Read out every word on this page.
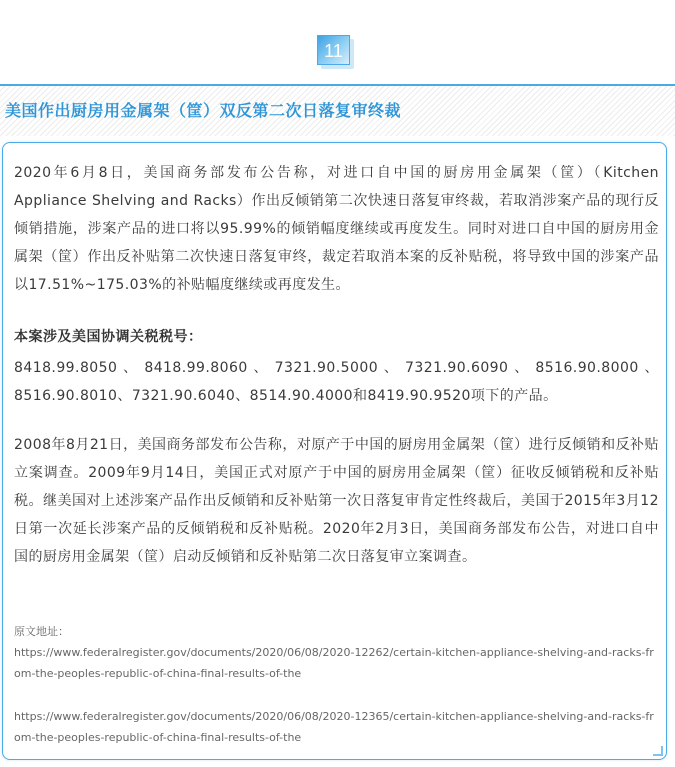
11
美国作出厨房用金属架（筐）双反第二次日落复审终裁

2020年6月8日，美国商务部发布公告称，对进口自中国的厨房用金属架（筐）（Kitchen Appliance Shelving and Racks）作出反倾销第二次快速日落复审终裁，若取消涉案产品的现行反倾销措施，涉案产品的进口将以95.99%的倾销幅度继续或再度发生。同时对进口自中国的厨房用金属架（筐）作出反补贴第二次快速日落复审终，裁定若取消本案的反补贴税，将导致中国的涉案产品以17.51%~175.03%的补贴幅度继续或再度发生。

本案涉及美国协调关税税号：

8418.99.8050 、 8418.99.8060 、 7321.90.5000 、 7321.90.6090 、 8516.90.8000 、 8516.90.8010、7321.90.6040、8514.90.4000和8419.90.9520项下的产品。

2008年8月21日，美国商务部发布公告称，对原产于中国的厨房用金属架（筐）进行反倾销和反补贴立案调查。2009年9月14日，美国正式对原产于中国的厨房用金属架（筐）征收反倾销税和反补贴税。继美国对上述涉案产品作出反倾销和反补贴第一次日落复审肯定性终裁后，美国于2015年3月12日第一次延长涉案产品的反倾销税和反补贴税。2020年2月3日，美国商务部发布公告，对进口自中国的厨房用金属架（筐）启动反倾销和反补贴第二次日落复审立案调查。

原文地址：

https://www.federalregister.gov/documents/2020/06/08/2020-12262/certain-kitchen-appliance-shelving-and-racks-from-the-peoples-republic-of-china-final-results-of-the

https://www.federalregister.gov/documents/2020/06/08/2020-12365/certain-kitchen-appliance-shelving-and-racks-from-the-peoples-republic-of-china-final-results-of-the
